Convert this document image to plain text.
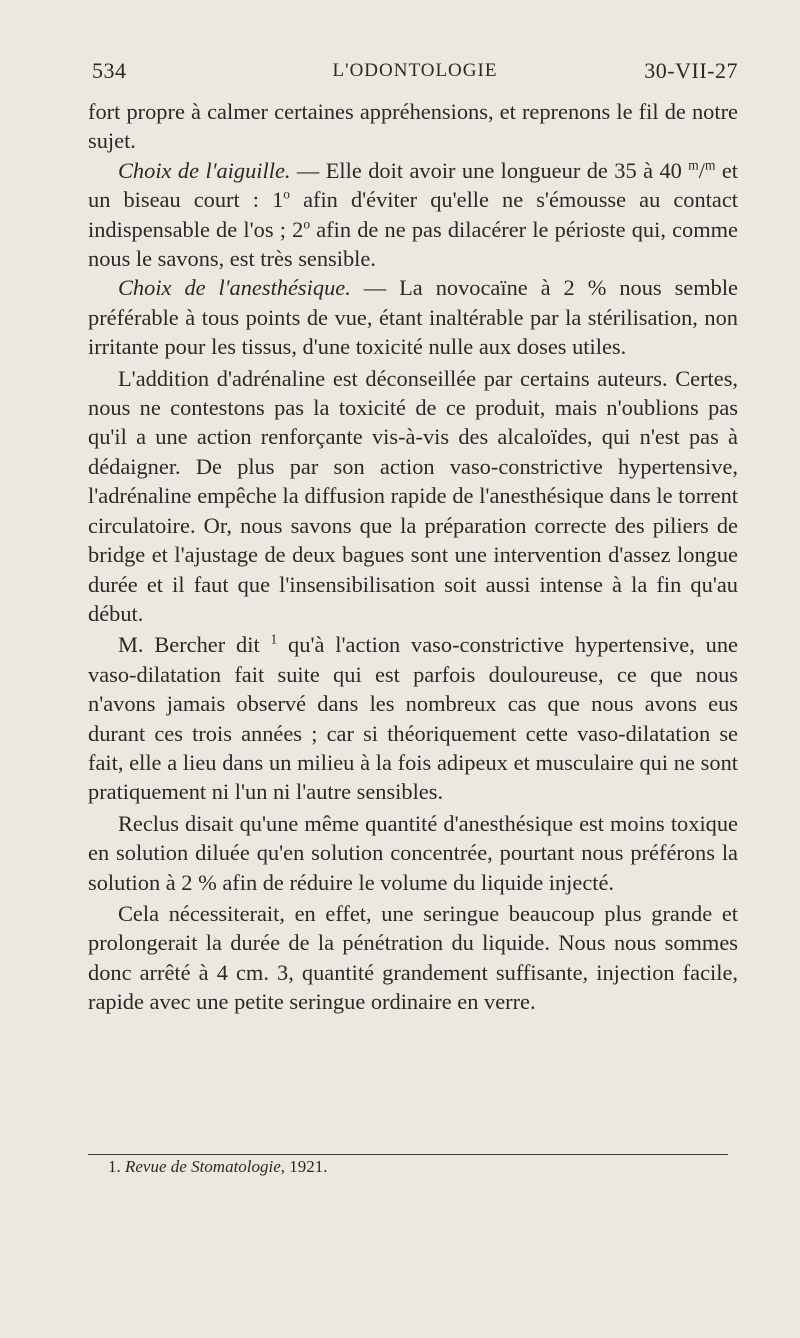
534	L'ODONTOLOGIE	30-VII-27

fort propre à calmer certaines appréhensions, et reprenons le fil de notre sujet.

Choix de l'aiguille. — Elle doit avoir une longueur de 35 à 40 $^m$/$^m$ et un biseau court : 1$^o$ afin d'éviter qu'elle ne s'émousse au contact indispensable de l'os ; 2$^o$ afin de ne pas dilacérer le périoste qui, comme nous le savons, est très sensible.

Choix de l'anesthésique. — La novocaïne à 2 % nous semble préférable à tous points de vue, étant inaltérable par la stérilisation, non irritante pour les tissus, d'une toxicité nulle aux doses utiles.

L'addition d'adrénaline est déconseillée par certains auteurs. Certes, nous ne contestons pas la toxicité de ce produit, mais n'oublions pas qu'il a une action renforçante vis-à-vis des alcaloïdes, qui n'est pas à dédaigner. De plus par son action vaso-constrictive hypertensive, l'adrénaline empêche la diffusion rapide de l'anesthésique dans le torrent circulatoire. Or, nous savons que la préparation correcte des piliers de bridge et l'ajustage de deux bagues sont une intervention d'assez longue durée et il faut que l'insensibilisation soit aussi intense à la fin qu'au début.

M. Bercher dit $^1$ qu'à l'action vaso-constrictive hypertensive, une vaso-dilatation fait suite qui est parfois douloureuse, ce que nous n'avons jamais observé dans les nombreux cas que nous avons eus durant ces trois années ; car si théoriquement cette vaso-dilatation se fait, elle a lieu dans un milieu à la fois adipeux et musculaire qui ne sont pratiquement ni l'un ni l'autre sensibles.

Reclus disait qu'une même quantité d'anesthésique est moins toxique en solution diluée qu'en solution concentrée, pourtant nous préférons la solution à 2 % afin de réduire le volume du liquide injecté.

Cela nécessiterait, en effet, une seringue beaucoup plus grande et prolongerait la durée de la pénétration du liquide. Nous nous sommes donc arrêté à 4 cm. 3, quantité grandement suffisante, injection facile, rapide avec une petite seringue ordinaire en verre.

1. Revue de Stomatologie, 1921.
